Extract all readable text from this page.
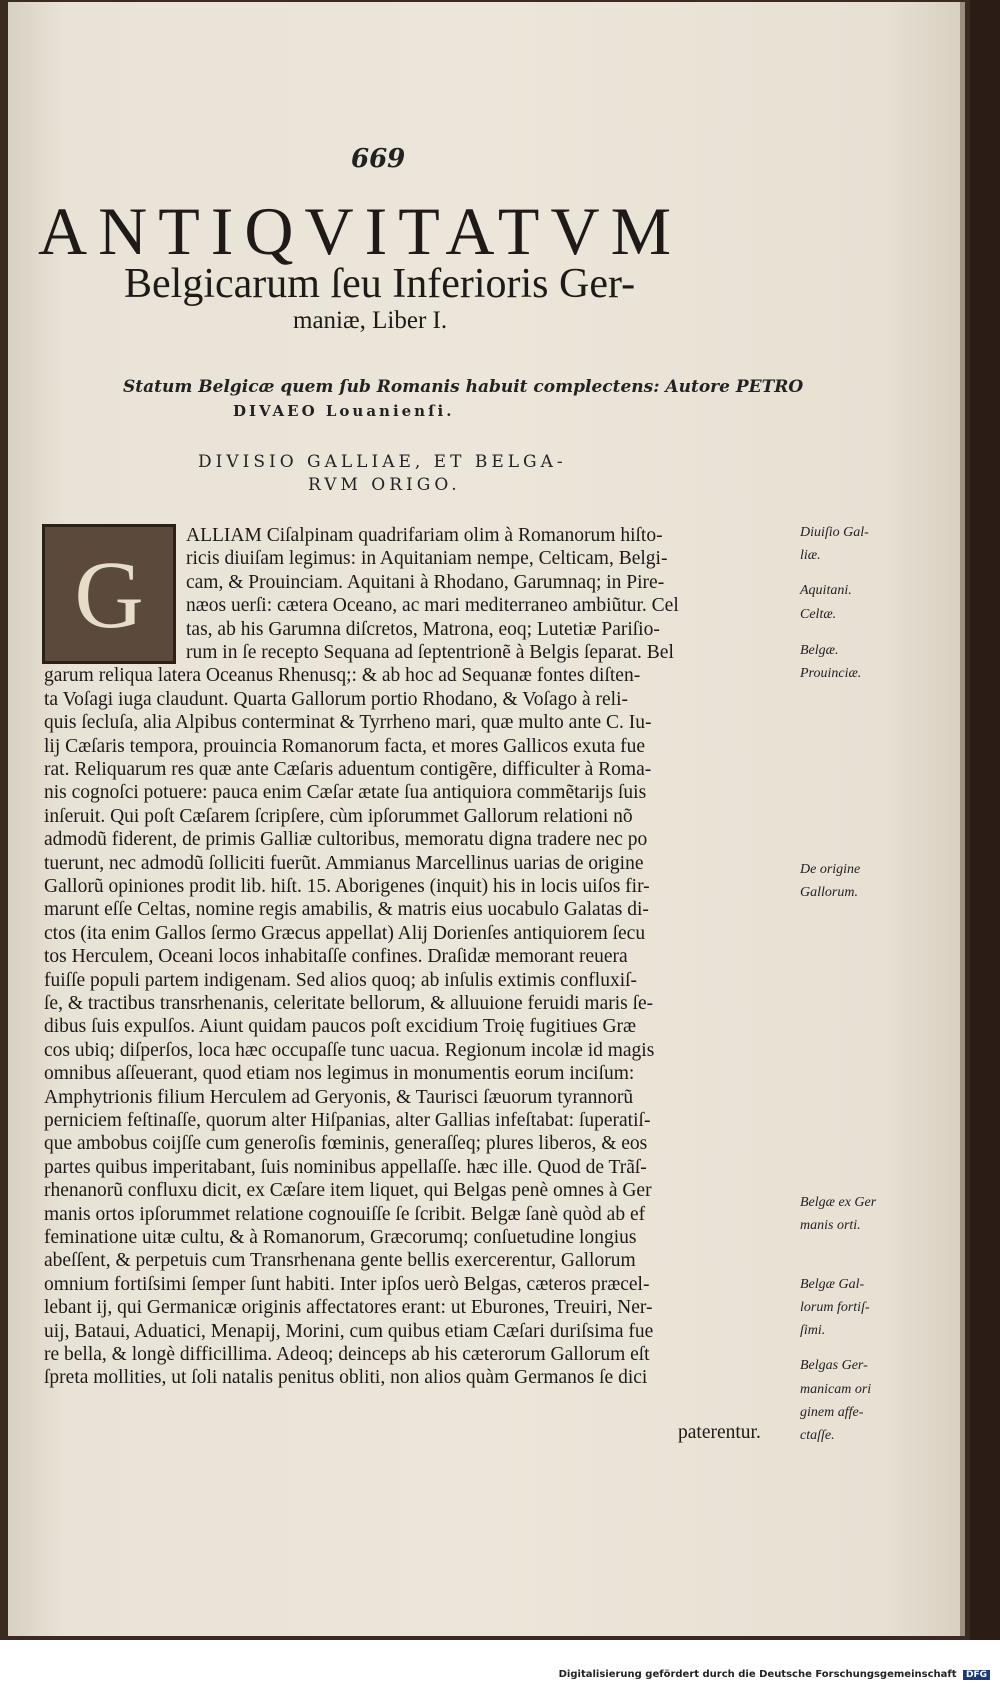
669
ANTIQVITATVM
Belgicarum ſeu Inferioris Ger-
maniæ, Liber I.
Statum Belgicæ quem ſub Romanis habuit complectens: Autore PETRO
DIVAEO Louanienſi.
DIVISIO GALLIAE, ET BELGA-
RVM ORIGO.
G
ALLIAM Ciſalpinam quadrifariam olim à Romanorum hiſto-
ricis diuiſam legimus: in Aquitaniam nempe, Celticam, Belgi-
cam, & Prouinciam. Aquitani à Rhodano, Garumnaq; in Pire-
næos uerſi: cætera Oceano, ac mari mediterraneo ambiũtur. Cel
tas, ab his Garumna diſcretos, Matrona, eoq; Lutetiæ Pariſio-
rum in ſe recepto Sequana ad ſeptentrionẽ à Belgis ſeparat. Bel
garum reliqua latera Oceanus Rhenusq;: & ab hoc ad Sequanæ fontes diſten-
ta Voſagi iuga claudunt. Quarta Gallorum portio Rhodano, & Voſago à reli-
quis ſecluſa, alia Alpibus conterminat & Tyrrheno mari, quæ multo ante C. Iu-
lij Cæſaris tempora, prouincia Romanorum facta, et mores Gallicos exuta fue
rat. Reliquarum res quæ ante Cæſaris aduentum contigẽre, difficulter à Roma-
nis cognoſci potuere: pauca enim Cæſar ætate ſua antiquiora commẽtarijs ſuis
inſeruit. Qui poſt Cæſarem ſcripſere, cùm ipſorummet Gallorum relationi nõ
admodũ fiderent, de primis Galliæ cultoribus, memoratu digna tradere nec po
tuerunt, nec admodũ ſolliciti fuerũt. Ammianus Marcellinus uarias de origine
Gallorũ opiniones prodit lib. hiſt. 15. Aborigenes (inquit) his in locis uiſos fir-
marunt eſſe Celtas, nomine regis amabilis, & matris eius uocabulo Galatas di-
ctos (ita enim Gallos ſermo Græcus appellat) Alij Dorienſes antiquiorem ſecu
tos Herculem, Oceani locos inhabitaſſe confines. Draſidæ memorant reuera
fuiſſe populi partem indigenam. Sed alios quoq; ab inſulis extimis confluxiſ-
ſe, & tractibus transrhenanis, celeritate bellorum, & alluuione feruidi maris ſe-
dibus ſuis expulſos. Aiunt quidam paucos poſt excidium Troię fugitiues Græ
cos ubiq; diſperſos, loca hæc occupaſſe tunc uacua. Regionum incolæ id magis
omnibus aſſeuerant, quod etiam nos legimus in monumentis eorum inciſum:
Amphytrionis filium Herculem ad Geryonis, & Taurisci ſæuorum tyrannorũ
perniciem feſtinaſſe, quorum alter Hiſpanias, alter Gallias infeſtabat: ſuperatiſ-
que ambobus coijſſe cum generoſis fœminis, generaſſeq; plures liberos, & eos
partes quibus imperitabant, ſuis nominibus appellaſſe. hæc ille. Quod de Trãſ-
rhenanorũ confluxu dicit, ex Cæſare item liquet, qui Belgas penè omnes à Ger
manis ortos ipſorummet relatione cognouiſſe ſe ſcribit. Belgæ ſanè quòd ab ef
feminatione uitæ cultu, & à Romanorum, Græcorumq; conſuetudine longius
abeſſent, & perpetuis cum Transrhenana gente bellis exercerentur, Gallorum
omnium fortiſsimi ſemper ſunt habiti. Inter ipſos uerò Belgas, cæteros præcel-
lebant ij, qui Germanicæ originis affectatores erant: ut Eburones, Treuiri, Ner-
uij, Bataui, Aduatici, Menapij, Morini, cum quibus etiam Cæſari duriſsima fue
re bella, & longè difficillima. Adeoq; deinceps ab his cæterorum Gallorum eſt
ſpreta mollities, ut ſoli natalis penitus obliti, non alios quàm Germanos ſe dici
paterentur.
Diuiſio Gal-
liæ.
Aquitani.
Celtæ.
Belgæ.
Prouinciæ.
De origine
Gallorum.
Belgæ ex Ger
manis orti.
Belgæ Gal-
lorum fortiſ-
ſimi.
Belgas Ger-
manicam ori
ginem affe-
ctaſſe.
Digitalisierung gefördert durch die Deutsche Forschungsgemeinschaft DFG
